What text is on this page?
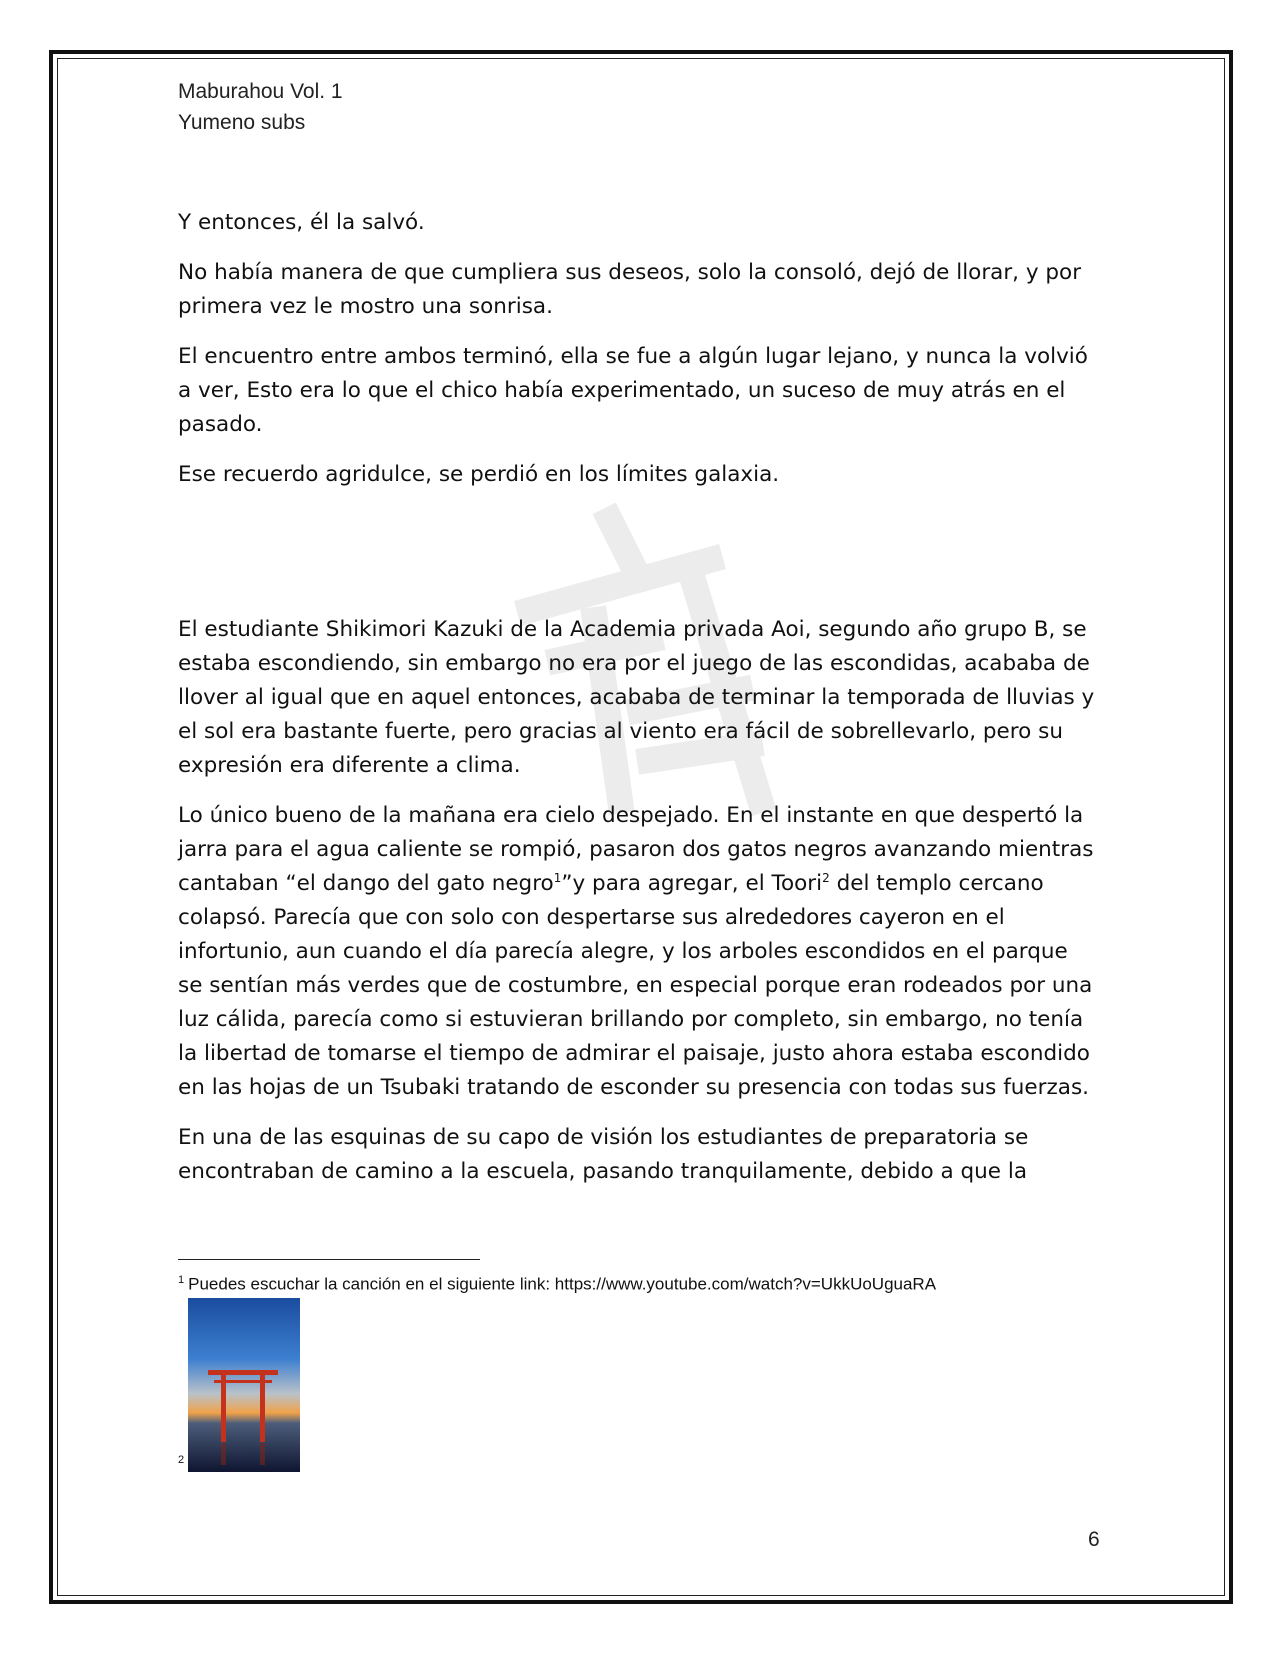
Maburahou Vol. 1
Yumeno subs

Y entonces, él la salvó.

No había manera de que cumpliera sus deseos, solo la consoló, dejó de llorar, y por primera vez le mostro una sonrisa.

El encuentro entre ambos terminó, ella se fue a algún lugar lejano, y nunca la volvió a ver, Esto era lo que el chico había experimentado, un suceso de muy atrás en el pasado.

Ese recuerdo agridulce, se perdió en los límites galaxia.

El estudiante Shikimori Kazuki de la Academia privada Aoi, segundo año grupo B, se estaba escondiendo, sin embargo no era por el juego de las escondidas, acababa de llover al igual que en aquel entonces, acababa de terminar la temporada de lluvias y el sol era bastante fuerte, pero gracias al viento era fácil de sobrellevarlo, pero su expresión era diferente a clima.

Lo único bueno de la mañana era cielo despejado. En el instante en que despertó la jarra para el agua caliente se rompió, pasaron dos gatos negros avanzando mientras cantaban “el dango del gato negro$^1$”y para agregar, el Toori$^2$ del templo cercano colapsó. Parecía que con solo con despertarse sus alrededores cayeron en el infortunio, aun cuando el día parecía alegre, y los arboles escondidos en el parque se sentían más verdes que de costumbre, en especial porque eran rodeados por una luz cálida, parecía como si estuvieran brillando por completo, sin embargo, no tenía la libertad de tomarse el tiempo de admirar el paisaje, justo ahora estaba escondido en las hojas de un Tsubaki tratando de esconder su presencia con todas sus fuerzas.

En una de las esquinas de su capo de visión los estudiantes de preparatoria se encontraban de camino a la escuela, pasando tranquilamente, debido a que la

$^1$ Puedes escuchar la canción en el siguiente link: https://www.youtube.com/watch?v=UkkUoUguaRA
2
6
